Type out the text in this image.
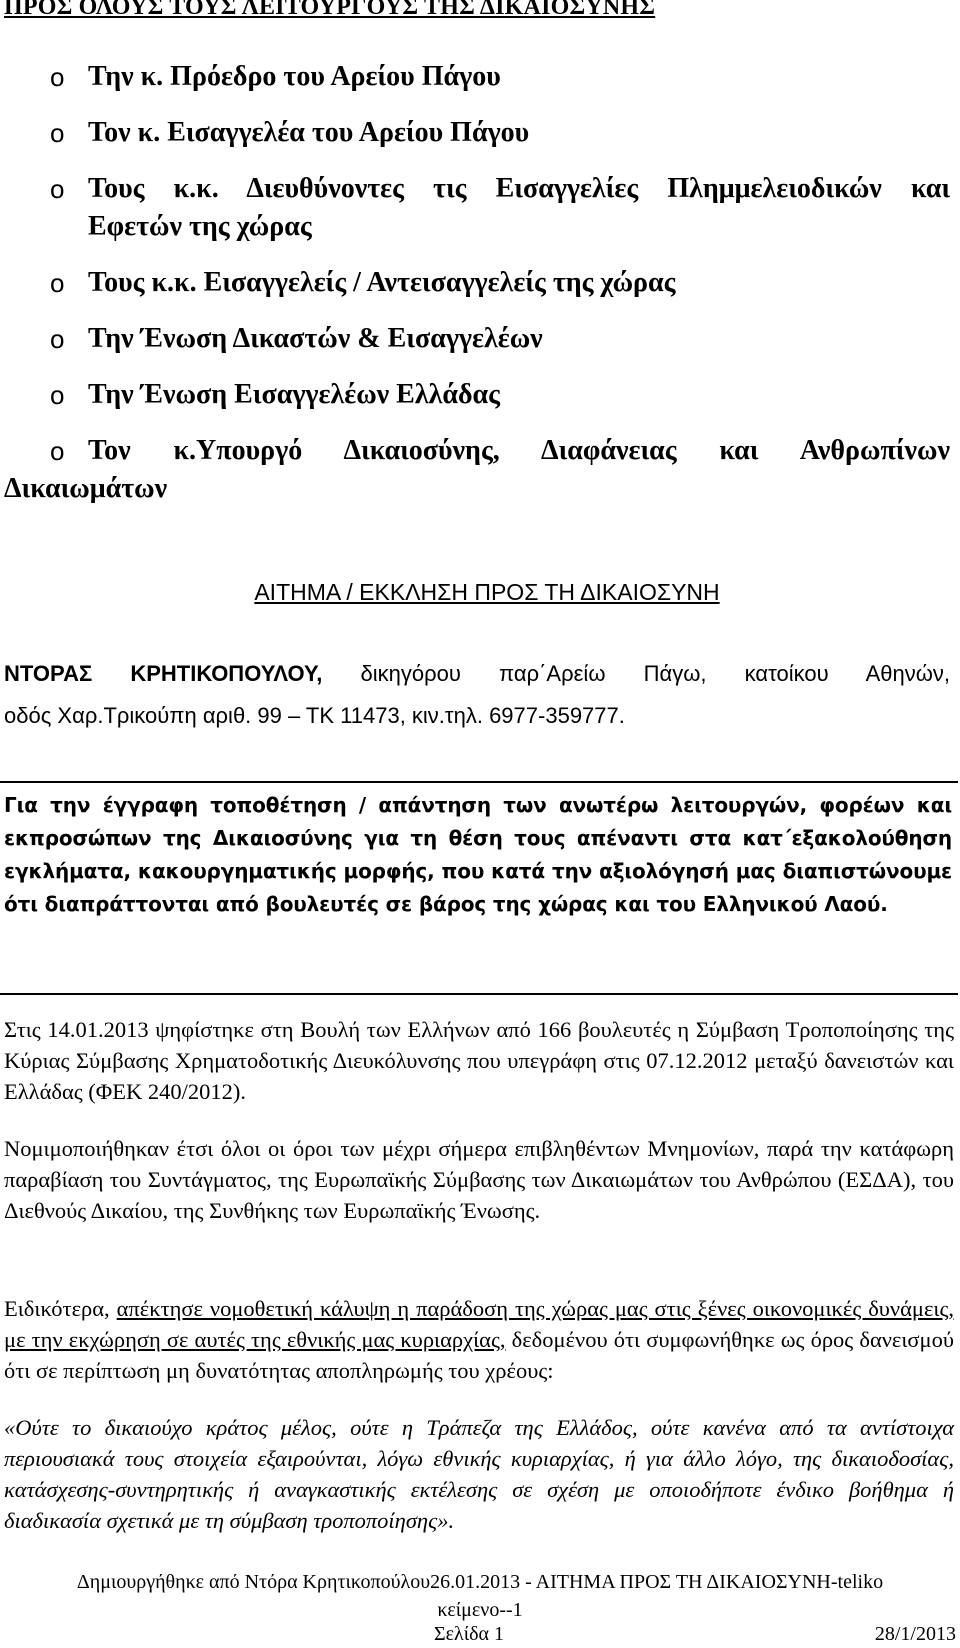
ΠΡΟΣ ΟΛΟΥΣ ΤΟΥΣ ΛΕΙΤΟΥΡΓΟΥΣ ΤΗΣ ΔΙΚΑΙΟΣΥΝΗΣ
o Την κ. Πρόεδρο του Αρείου Πάγου
o Τον κ. Εισαγγελέα του Αρείου Πάγου
o Τους κ.κ. Διευθύνοντες τις Εισαγγελίες Πλημμελειοδικών και
Εφετών της χώρας
o Τους κ.κ. Εισαγγελείς / Αντεισαγγελείς της χώρας
o Την Ένωση Δικαστών & Εισαγγελέων
o Την Ένωση Εισαγγελέων Ελλάδας
o Τον κ.Υπουργό Δικαιοσύνης, Διαφάνειας και Ανθρωπίνων
Δικαιωμάτων
ΑΙΤΗΜΑ / ΕΚΚΛΗΣΗ ΠΡΟΣ ΤΗ ΔΙΚΑΙΟΣΥΝΗ
ΝΤΟΡΑΣ ΚΡΗΤΙΚΟΠΟΥΛΟΥ, δικηγόρου παρ΄Αρείω Πάγω, κατοίκου Αθηνών,
οδός Χαρ.Τρικούπη αριθ. 99 – ΤΚ 11473, κιν.τηλ. 6977-359777.
Για την έγγραφη τοποθέτηση / απάντηση των ανωτέρω λειτουργών, φορέων και εκπροσώπων της Δικαιοσύνης για τη θέση τους απέναντι στα κατ΄εξακολούθηση εγκλήματα, κακουργηματικής μορφής, που κατά την αξιολόγησή μας διαπιστώνουμε ότι διαπράττονται από βουλευτές σε βάρος της χώρας και του Ελληνικού Λαού.
Στις 14.01.2013 ψηφίστηκε στη Βουλή των Ελλήνων από 166 βουλευτές η Σύμβαση Τροποποίησης της Κύριας Σύμβασης Χρηματοδοτικής Διευκόλυνσης που υπεγράφη στις 07.12.2012 μεταξύ δανειστών και Ελλάδας (ΦΕΚ 240/2012).
Νομιμοποιήθηκαν έτσι όλοι οι όροι των μέχρι σήμερα επιβληθέντων Μνημονίων, παρά την κατάφωρη παραβίαση του Συντάγματος, της Ευρωπαϊκής Σύμβασης των Δικαιωμάτων του Ανθρώπου (ΕΣΔΑ), του Διεθνούς Δικαίου, της Συνθήκης των Ευρωπαϊκής Ένωσης.
Ειδικότερα, απέκτησε νομοθετική κάλυψη η παράδοση της χώρας μας στις ξένες οικονομικές δυνάμεις, με την εκχώρηση σε αυτές της εθνικής μας κυριαρχίας, δεδομένου ότι συμφωνήθηκε ως όρος δανεισμού ότι σε περίπτωση μη δυνατότητας αποπληρωμής του χρέους:
«Ούτε το δικαιούχο κράτος μέλος, ούτε η Τράπεζα της Ελλάδος, ούτε κανένα από τα αντίστοιχα περιουσιακά τους στοιχεία εξαιρούνται, λόγω εθνικής κυριαρχίας, ή για άλλο λόγο, της δικαιοδοσίας, κατάσχεσης-συντηρητικής ή αναγκαστικής εκτέλεσης σε σχέση με οποιοδήποτε ένδικο βοήθημα ή διαδικασία σχετικά με τη σύμβαση τροποποίησης».
Δημιουργήθηκε από Ντόρα Κρητικοπούλου26.01.2013 - ΑΙΤΗΜΑ ΠΡΟΣ ΤΗ ΔΙΚΑΙΟΣΥΝΗ-teliko
κείμενο--1
Σελίδα 1	28/1/2013
